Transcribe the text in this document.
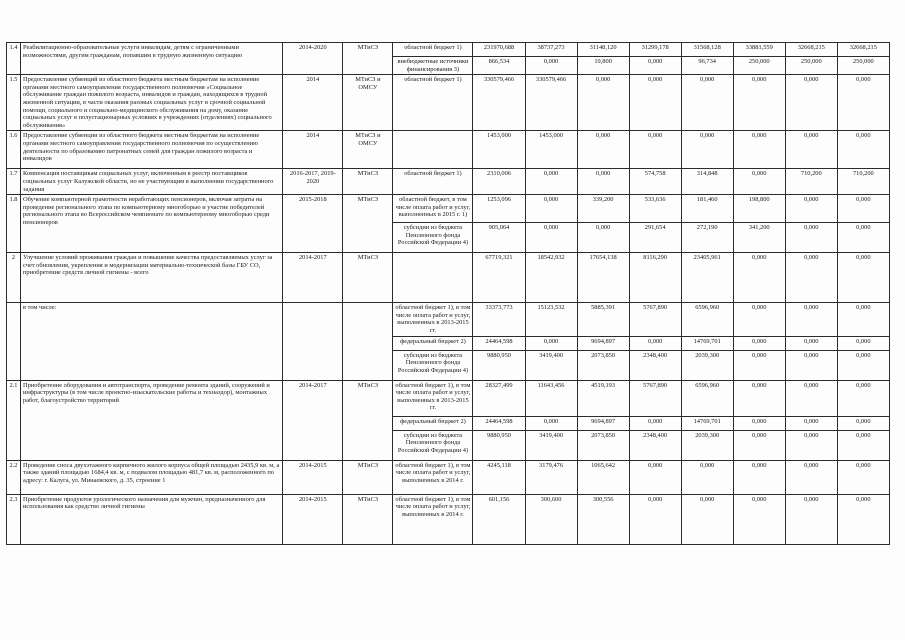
1.4	Реабилитационно-образовательные услуги инвалидам, детям с ограниченными возможностями, другим гражданам, попавшим в трудную жизненную ситуацию	2014-2020	МТиСЗ	областной бюджет 1)	231970,688	38737,273	31148,120	31299,178	31568,128	33881,559	32668,215	32668,215	
				внебюджетные источники финансирования 3)	866,534	0,000	19,800	0,000	96,734	250,000	250,000	250,000	
1.5	Предоставление субвенций из областного бюджета местным бюджетам на исполнение органами местного самоуправления государственного полномочия «Социальное обслуживание граждан пожилого возраста, инвалидов и граждан, находящихся в трудной жизненной ситуации, в части оказания разовых социальных услуг в срочной социальной помощи, социального и социально-медицинского обслуживания на дому, оказание социальных услуг в полустационарных условиях в учреждениях (отделениях) социального обслуживания»	2014	МТиСЗ и ОМСУ	областной бюджет 1)	330579,466	330579,466	0,000	0,000	0,000	0,000	0,000	0,000	
1.6	Предоставление субвенции из областного бюджета местным бюджетам на исполнение органами местного самоуправления государственного полномочия по осуществлению деятельности по образованию патронатных семей для граждан пожилого возраста и инвалидов	2014	МТиСЗ и ОМСУ		1453,000	1453,000	0,000	0,000	0,000	0,000	0,000	0,000	
1.7	Компенсация поставщикам социальных услуг, включенным в реестр поставщиков социальных услуг Калужской области, но не участвующим в выполнении государственного задания	2016-2017, 2019-2020	МТиСЗ	областной бюджет 1)	2310,006	0,000	0,000	574,758	314,848	0,000	710,200	710,200	
1.8	Обучение компьютерной грамотности неработающих пенсионеров, включая затраты на проведение регионального этапа по компьютерному многоборью и участие победителей регионального этапа во Всероссийском чемпионате по компьютерному многоборью среди пенсионеров	2015-2018	МТиСЗ	областной бюджет, в том числе оплата работ и услуг, выполненных в 2015 г. 1)	1253,096	0,000	339,200	533,636	181,460	198,800	0,000	0,000	
				субсидии из бюджета Пенсионного фонда Российской Федерации 4)	905,064	0,000	0,000	291,654	272,190	341,200	0,000	0,000	
2	Улучшение условий проживания граждан и повышение качества предоставляемых услуг за счет обновления, укрепления и модернизации материально-технической базы ГБУ СО, приобретение средств личной гигиены - всего	2014-2017	МТиСЗ		67719,321	18542,932	17654,138	8116,290	23405,961	0,000	0,000	0,000	
	в том числе:			областной бюджет 1), в том числе оплата работ и услуг, выполненных в 2013-2015 гг.	33373,773	15123,532	5885,391	5767,890	6596,960	0,000	0,000	0,000	
				федеральный бюджет 2)	24464,598	0,000	9694,897	0,000	14769,701	0,000	0,000	0,000	
				субсидии из бюджета Пенсионного фонда Российской Федерации 4)	9880,950	3419,400	2073,850	2348,400	2039,300	0,000	0,000	0,000	
2.1	Приобретение оборудования и автотранспорта, проведение ремонта зданий, сооружений и инфраструктуры (в том числе проектно-изыскательские работы и техназдор), монтажных работ, благоустройство территорий	2014-2017	МТиСЗ	областной бюджет 1), в том числе оплата работ и услуг, выполненных в 2013-2015 гг.	28327,499	11643,456	4519,193	5767,890	6596,960	0,000	0,000	0,000	
				федеральный бюджет 2)	24464,598	0,000	9694,897	0,000	14769,701	0,000	0,000	0,000	
				субсидии из бюджета Пенсионного фонда Российской Федерации 4)	9880,950	3419,400	2073,850	2348,400	2039,300	0,000	0,000	0,000	
2.2	Проведение сноса двухэтажного кирпичного жилого корпуса общей площадью 2435,9 кв. м, а также зданий площадью 1684,4 кв. м, с подвалом площадью 481,7 кв. м, расположенного по адресу: г. Калуга, ул. Минаевского, д. 35, строение 1	2014-2015	МТиСЗ	областной бюджет 1), в том числе оплата работ и услуг, выполненных в 2014 г.	4245,118	3179,476	1065,642	0,000	0,000	0,000	0,000	0,000	
2.3	Приобретение продуктов урологического назначения для мужчин, предназначенного для использования как средство личной гигиены	2014-2015	МТиСЗ	областной бюджет 1), в том числе оплата работ и услуг, выполненных в 2014 г.	601,156	300,600	300,556	0,000	0,000	0,000	0,000	0,000	
